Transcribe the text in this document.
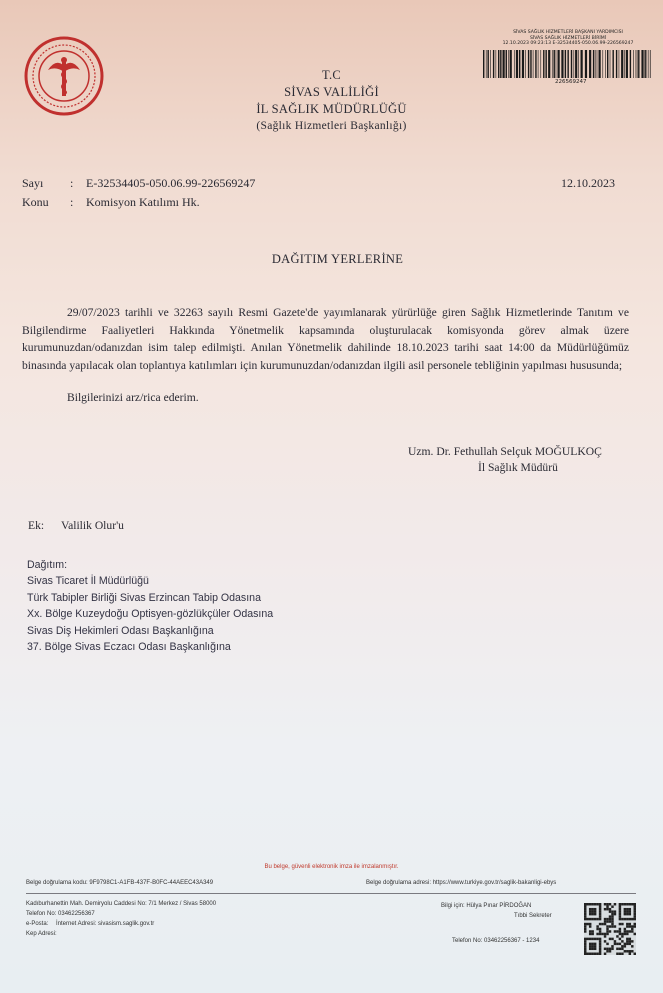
T.C
SİVAS VALİLİĞİ
İL SAĞLIK MÜDÜRLÜĞÜ
(Sağlık Hizmetleri Başkanlığı)
SİVAS SAĞLIK HİZMETLERİ BAŞKANI YARDIMCISI
SİVAS SAĞLIK HİZMETLERİ BİRİMİ
12.10.2023 09:23:13 E-32534405-050.06.99-226569247
226569247
Sayı : E-32534405-050.06.99-226569247	12.10.2023
Konu : Komisyon Katılımı Hk.
DAĞITIM YERLERİNE

29/07/2023 tarihli ve 32263 sayılı Resmi Gazete'de yayımlanarak yürürlüğe giren Sağlık Hizmetlerinde Tanıtım ve Bilgilendirme Faaliyetleri Hakkında Yönetmelik kapsamında oluşturulacak komisyonda görev almak üzere kurumunuzdan/odanızdan isim talep edilmişti. Anılan Yönetmelik dahilinde 18.10.2023 tarihi saat 14:00 da Müdürlüğümüz binasında yapılacak olan toplantıya katılımları için kurumunuzdan/odanızdan ilgili asil personele tebliğinin yapılması hususunda;

Bilgilerinizi arz/rica ederim.
Uzm. Dr. Fethullah Selçuk MOĞULKOÇ
İl Sağlık Müdürü
Ek: Valilik Olur'u
Dağıtım:
Sivas Ticaret İl Müdürlüğü
Türk Tabipler Birliği Sivas Erzincan Tabip Odasına
Xx. Bölge Kuzeydoğu Optisyen-gözlükçüler Odasına
Sivas Diş Hekimleri Odası Başkanlığına
37. Bölge Sivas Eczacı Odası Başkanlığına
Bu belge, güvenli elektronik imza ile imzalanmıştır.
Belge doğrulama kodu: 9F9798C1-A1FB-437F-B0FC-44AEEC43A349	Belge doğrulama adresi: https://www.turkiye.gov.tr/saglik-bakanligi-ebys
Kadıburhanettin Mah. Demiryolu Caddesi No: 7/1 Merkez / Sivas 58000
Telefon No: 03462256367
e-Posta: İnternet Adresi: sivasism.saglik.gov.tr
Kep Adresi:
Bilgi için: Hülya Pınar PİRDOĞAN
Tıbbi Sekreter
Telefon No: 03462256367 - 1234
